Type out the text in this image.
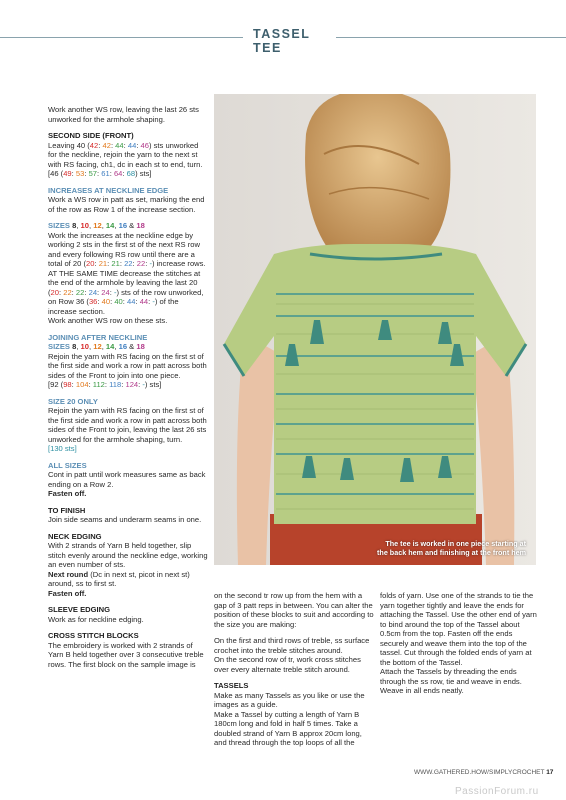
TASSEL TEE

Work another WS row, leaving the last 26 sts unworked for the armhole shaping.

SECOND SIDE (FRONT)

Leaving 40 (42: 42: 44: 44: 46) sts unworked for the neckline, rejoin the yarn to the next st with RS facing, ch1, dc in each st to end, turn.
[46 (49: 53: 57: 61: 64: 68) sts]

INCREASES AT NECKLINE EDGE

Work a WS row in patt as set, marking the end of the row as Row 1 of the increase section.

SIZES 8, 10, 12, 14, 16 & 18

Work the increases at the neckline edge by working 2 sts in the first st of the next RS row and every following RS row until there are a total of 20 (20: 21: 21: 22: 22: -) increase rows.
AT THE SAME TIME decrease the stitches at the end of the armhole by leaving the last 20 (20: 22: 22: 24: 24: -) sts of the row unworked, on Row 36 (36: 40: 40: 44: 44: -) of the increase section.
Work another WS row on these sts.

JOINING AFTER NECKLINE
SIZES 8, 10, 12, 14, 16 & 18

Rejoin the yarn with RS facing on the first st of the first side and work a row in patt across both sides of the Front to join into one piece.
[92 (98: 104: 112: 118: 124: -) sts]

SIZE 20 ONLY

Rejoin the yarn with RS facing on the first st of the first side and work a row in patt across both sides of the Front to join, leaving the last 26 sts unworked for the armhole shaping, turn.
[130 sts]

ALL SIZES

Cont in patt until work measures same as back ending on a Row 2.
Fasten off.

TO FINISH

Join side seams and underarm seams in one.

NECK EDGING

With 2 strands of Yarn B held together, slip stitch evenly around the neckline edge, working an even number of sts.
Next round (Dc in next st, picot in next st) around, ss to first st.
Fasten off.

SLEEVE EDGING

Work as for neckline edging.

CROSS STITCH BLOCKS

The embroidery is worked with 2 strands of Yarn B held together over 3 consecutive treble rows. The first block on the sample image is

The tee is worked in one piece starting at the back hem and finishing at the front hem

on the second tr row up from the hem with a gap of 3 patt reps in between. You can alter the position of these blocks to suit and according to the size you are making:

On the first and third rows of treble, ss surface crochet into the treble stitches around.
On the second row of tr, work cross stitches over every alternate treble stitch around.

TASSELS

Make as many Tassels as you like or use the images as a guide.
Make a Tassel by cutting a length of Yarn B 180cm long and fold in half 5 times. Take a doubled strand of Yarn B approx 20cm long, and thread through the top loops of all the

folds of yarn. Use one of the strands to tie the yarn together tightly and leave the ends for attaching the Tassel. Use the other end of yarn to bind around the top of the Tassel about 0.5cm from the top. Fasten off the ends securely and weave them into the top of the tassel. Cut through the folded ends of yarn at the bottom of the Tassel.
Attach the Tassels by threading the ends through the ss row, tie and weave in ends. Weave in all ends neatly.

WWW.GATHERED.HOW/SIMPLYCROCHET 17
PassionForum.ru
